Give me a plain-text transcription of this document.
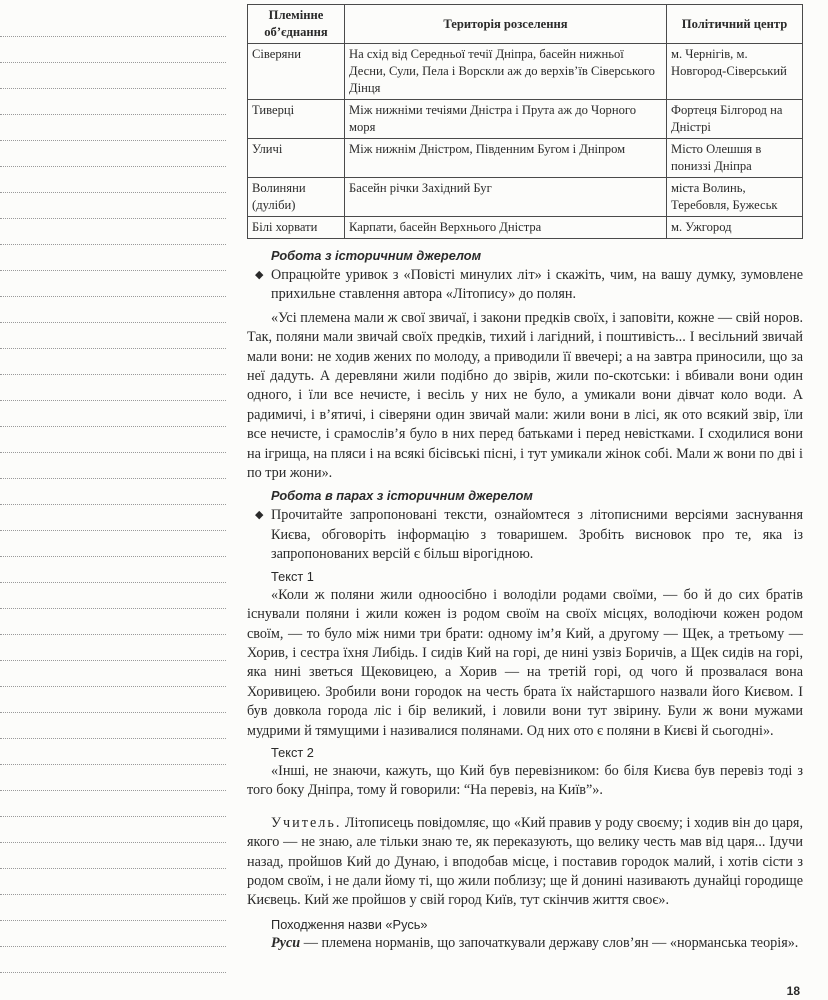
Племінне об’єднання	Територія розселення	Політичний центр
Сіверяни	На схід від Середньої течії Дніпра, басейн нижньої Десни, Сули, Пела і Ворскли аж до верхів’їв Сіверського Дінця	м. Чернігів, м. Новгород-Сіверський
Тиверці	Між нижніми течіями Дністра і Прута аж до Чорного моря	Фортеця Білгород на Дністрі
Уличі	Між нижнім Дністром, Південним Бугом і Дніпром	Місто Олешшя в пониззі Дніпра
Волиняни (дуліби)	Басейн річки Західний Буг	міста Волинь, Теребовля, Бужеськ
Білі хорвати	Карпати, басейн Верхнього Дністра	м. Ужгород
Робота з історичним джерелом
◆ Опрацюйте уривок з «Повісті минулих літ» і скажіть, чим, на вашу думку, зумовлене прихильне ставлення автора «Літопису» до полян.

«Усі племена мали ж свої звичаї, і закони предків своїх, і заповіти, кожне — свій норов. Так, поляни мали звичай своїх предків, тихий і лагідний, і поштивість... І весільний звичай мали вони: не ходив жених по молоду, а приводили її ввечері; а на завтра приносили, що за неї дадуть. А деревляни жили подібно до звірів, жили по-скотськи: і вбивали вони один одного, і їли все нечисте, і весіль у них не було, а умикали вони дівчат коло води. А радимичі, і в’ятичі, і сіверяни один звичай мали: жили вони в лісі, як ото всякий звір, їли все нечисте, і срамослів’я було в них перед батьками і перед невістками. І сходилися вони на ігрища, на пляси і на всякі бісівські пісні, і тут умикали жінок собі. Мали ж вони по дві і по три жони».

Робота в парах з історичним джерелом
◆ Прочитайте запропоновані тексти, ознайомтеся з літописними версіями заснування Києва, обговоріть інформацію з товаришем. Зробіть висновок про те, яка із запропонованих версій є більш вірогідною.
Текст 1

«Коли ж поляни жили одноосібно і володіли родами своїми, — бо й до сих братів існували поляни і жили кожен із родом своїм на своїх місцях, володіючи кожен родом своїм, — то було між ними три брати: одному ім’я Кий, а другому — Щек, а третьому — Хорив, і сестра їхня Либідь. І сидів Кий на горі, де нині узвіз Боричів, а Щек сидів на горі, яка нині зветься Щековицею, а Хорив — на третій горі, од чого й прозвалася вона Хоривицею. Зробили вони городок на честь брата їх найстаршого назвали його Києвом. І був довкола города ліс і бір великий, і ловили вони тут звірину. Були ж вони мужами мудрими й тямущими і називалися полянами. Од них ото є поляни в Києві й сьогодні».

Текст 2

«Інші, не знаючи, кажуть, що Кий був перевізником: бо біля Києва був перевіз тоді з того боку Дніпра, тому й говорили: “На перевіз, на Київ”».

Учитель. Літописець повідомляє, що «Кий правив у роду своєму; і ходив він до царя, якого — не знаю, але тільки знаю те, як переказують, що велику честь мав від царя... Ідучи назад, пройшов Кий до Дунаю, і вподобав місце, і поставив городок малий, і хотів сісти з родом своїм, і не дали йому ті, що жили поблизу; ще й донині називають дунайці городище Києвець. Кий же пройшов у свій город Київ, тут скінчив життя своє».

Походження назви «Русь»

Руси — племена норманів, що започаткували державу слов’ян — «норманська теорія».

18
